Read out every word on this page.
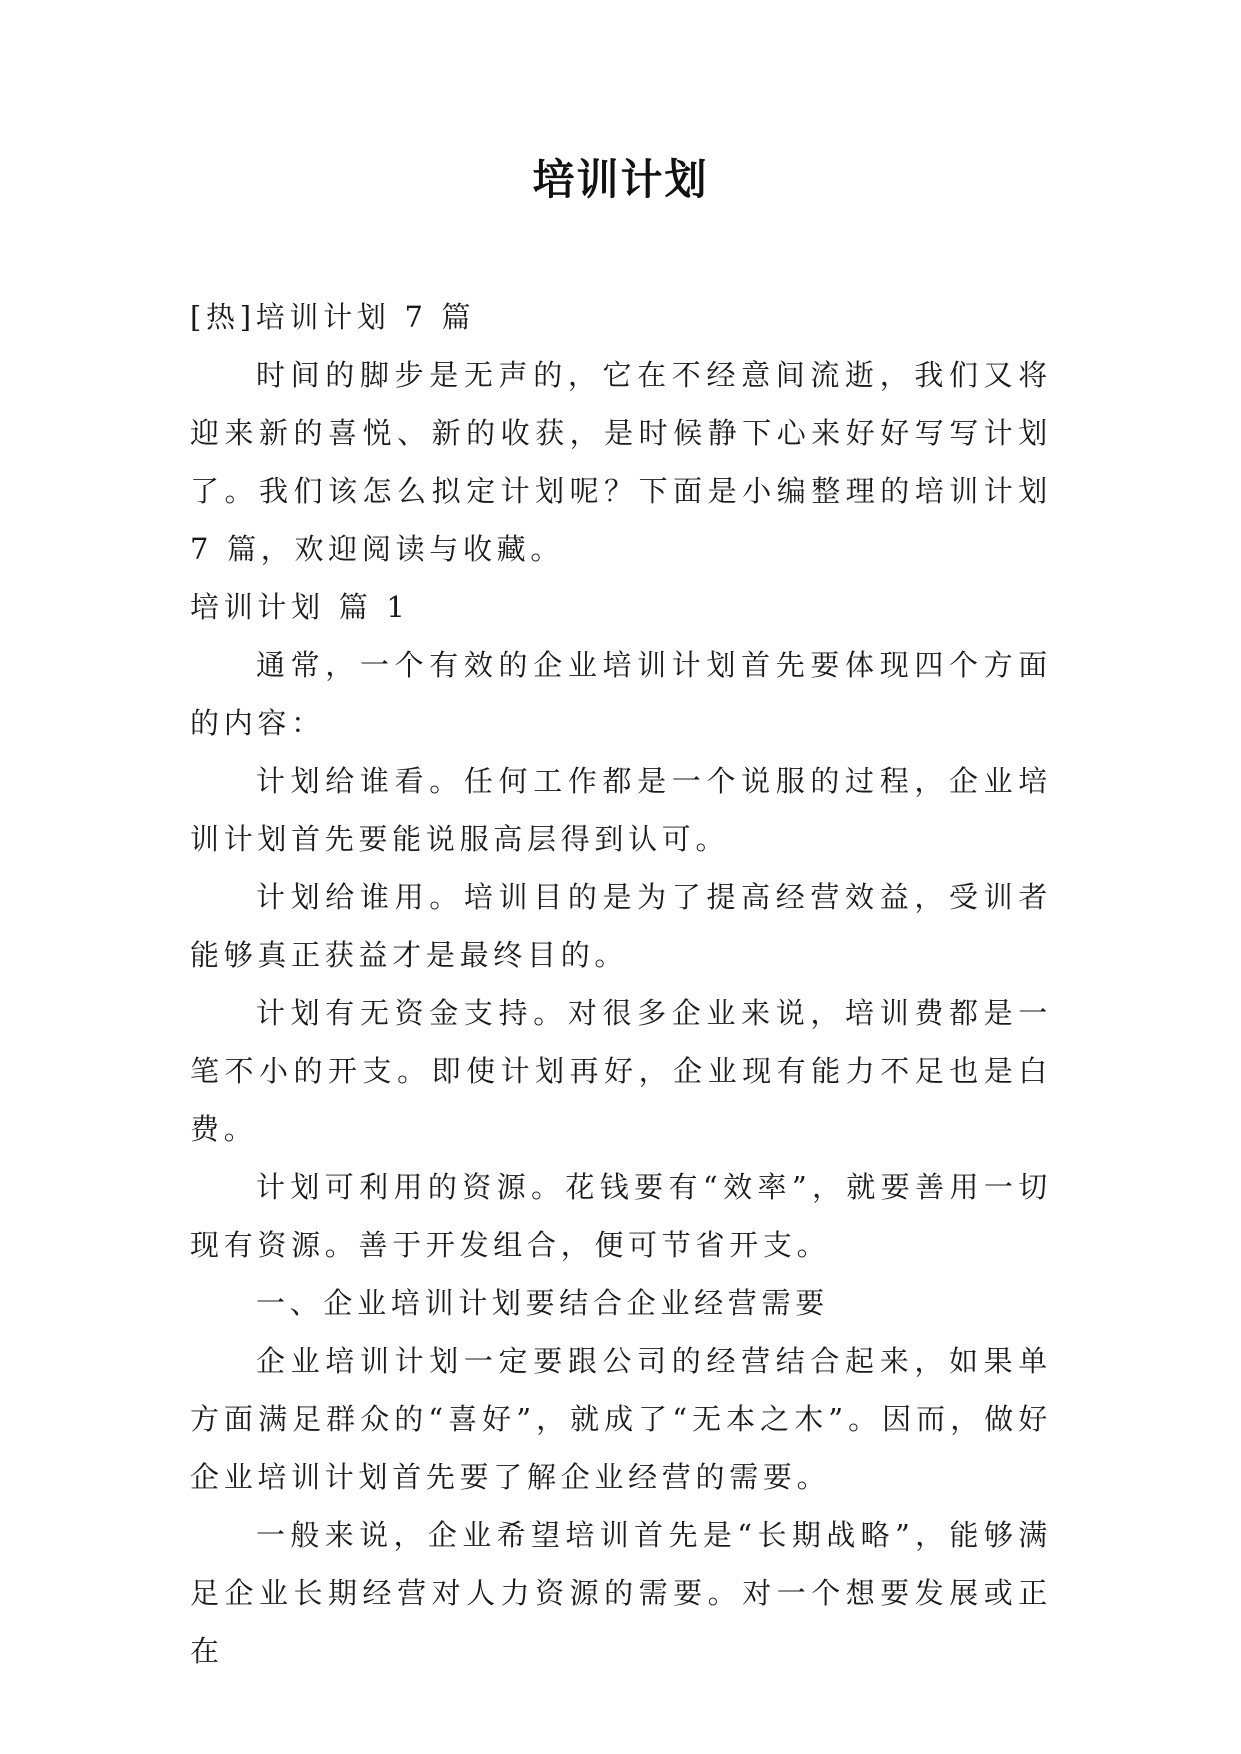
培训计划

[热]培训计划 7 篇

时间的脚步是无声的，它在不经意间流逝，我们又将迎来新的喜悦、新的收获，是时候静下心来好好写写计划了。我们该怎么拟定计划呢？下面是小编整理的培训计划 7 篇，欢迎阅读与收藏。

培训计划 篇 1

通常，一个有效的企业培训计划首先要体现四个方面的内容：

计划给谁看。任何工作都是一个说服的过程，企业培训计划首先要能说服高层得到认可。

计划给谁用。培训目的是为了提高经营效益，受训者能够真正获益才是最终目的。

计划有无资金支持。对很多企业来说，培训费都是一笔不小的开支。即使计划再好，企业现有能力不足也是白费。

计划可利用的资源。花钱要有“效率”，就要善用一切现有资源。善于开发组合，便可节省开支。

一、企业培训计划要结合企业经营需要

企业培训计划一定要跟公司的经营结合起来，如果单方面满足群众的“喜好”，就成了“无本之木”。因而，做好企业培训计划首先要了解企业经营的需要。

一般来说，企业希望培训首先是“长期战略”，能够满足企业长期经营对人力资源的需要。对一个想要发展或正在
